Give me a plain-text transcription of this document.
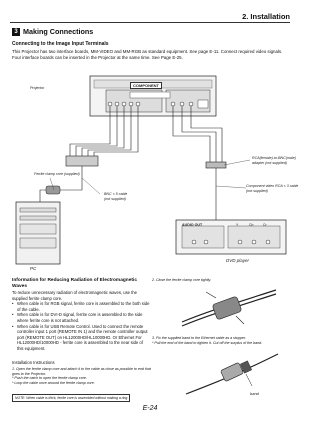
2. Installation
3 Making Connections
Connecting to the Image Input Terminals
This Projector has two interface boards, MM-VIDEO and MM-RGB as standard equipment. See page E-11. Connect required video signals.
Four interface boards can be inserted in the Projector at the same time. See Page E-25.
Projector	COMPONENT
Ferrite clamp core (supplied)
BNC × 5 cable
(not supplied)
RCA(female)-to-BNC(male)
adapter (not supplied)
Component video RCA × 3 cable
(not supplied)
PC
AUDIO OUT	Y	Cb	Cr
DVD player
Information for Reducing Radiation of Electromagnetic Waves
To reduce unnecessary radiation of electromagnetic waves, use the supplied ferrite clamp core.
• When cable is for RGB signal, ferrite core is assembled to the both side of the cable.
• When cable is for DVI-D signal, ferrite core is assembled to the side where ferrite core is not attached.
• When cable is for USB Remote Control. Used to connect the remote controller input 1 port (REMOTE IN 1) and the remote controller output port (REMOTE OUT) on HL12000HD/HL10000HD. Or Ethernet For HL12000HD/10000HD - ferrite core is assembled to the near side of this equipment.
Installation Instructions
1. Open the ferrite clamp core and attach it to the cable as close as possible to end that goes to the Projector.
* Push the catch to open the ferrite clamp core.
* Loop the cable once around the ferrite clamp core.
NOTE: When cable is thick, ferrite core is assembled without making a ring.
2. Close the ferrite clamp core tightly.
3. Fix the supplied band to the Ethernet cable as a stopper.
* Pull the end of the band to tighten it. Cut off the surplus of the band.
band
E-24
